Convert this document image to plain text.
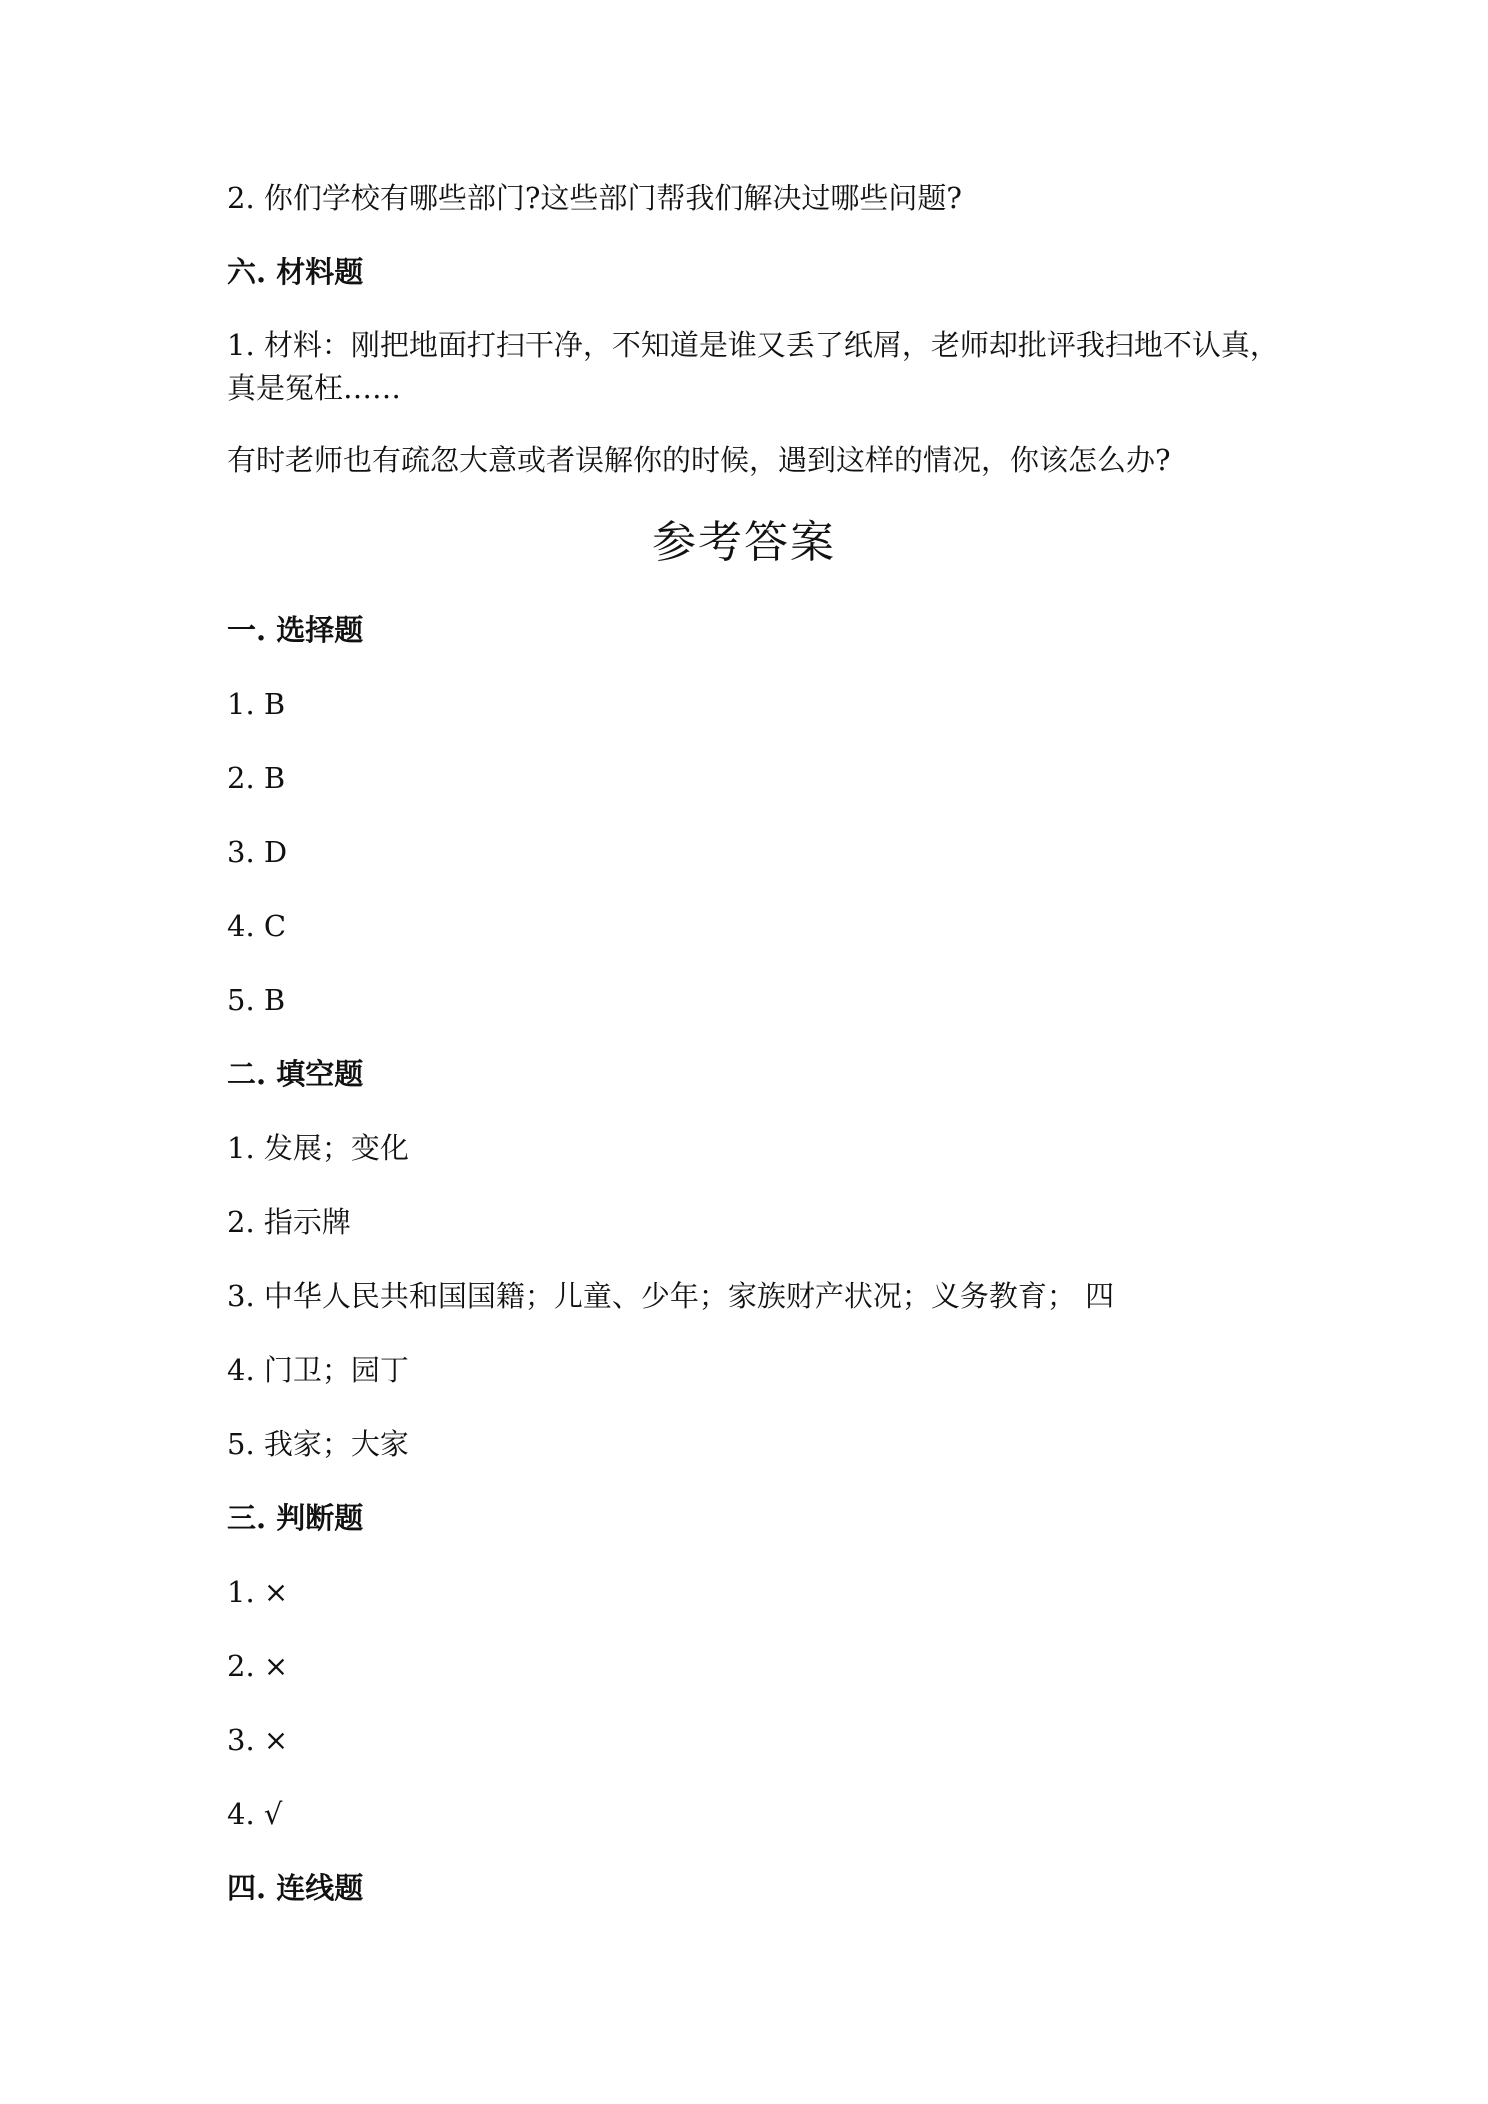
2. 你们学校有哪些部门?这些部门帮我们解决过哪些问题?
六. 材料题
1. 材料：刚把地面打扫干净，不知道是谁又丢了纸屑，老师却批评我扫地不认真，
真是冤枉……
有时老师也有疏忽大意或者误解你的时候，遇到这样的情况，你该怎么办?
参考答案
一. 选择题
1. B
2. B
3. D
4. C
5. B
二. 填空题
1. 发展；变化
2. 指示牌
3. 中华人民共和国国籍；儿童、少年；家族财产状况；义务教育； 四
4. 门卫；园丁
5. 我家；大家
三. 判断题
1. ×
2. ×
3. ×
4. √
四. 连线题
